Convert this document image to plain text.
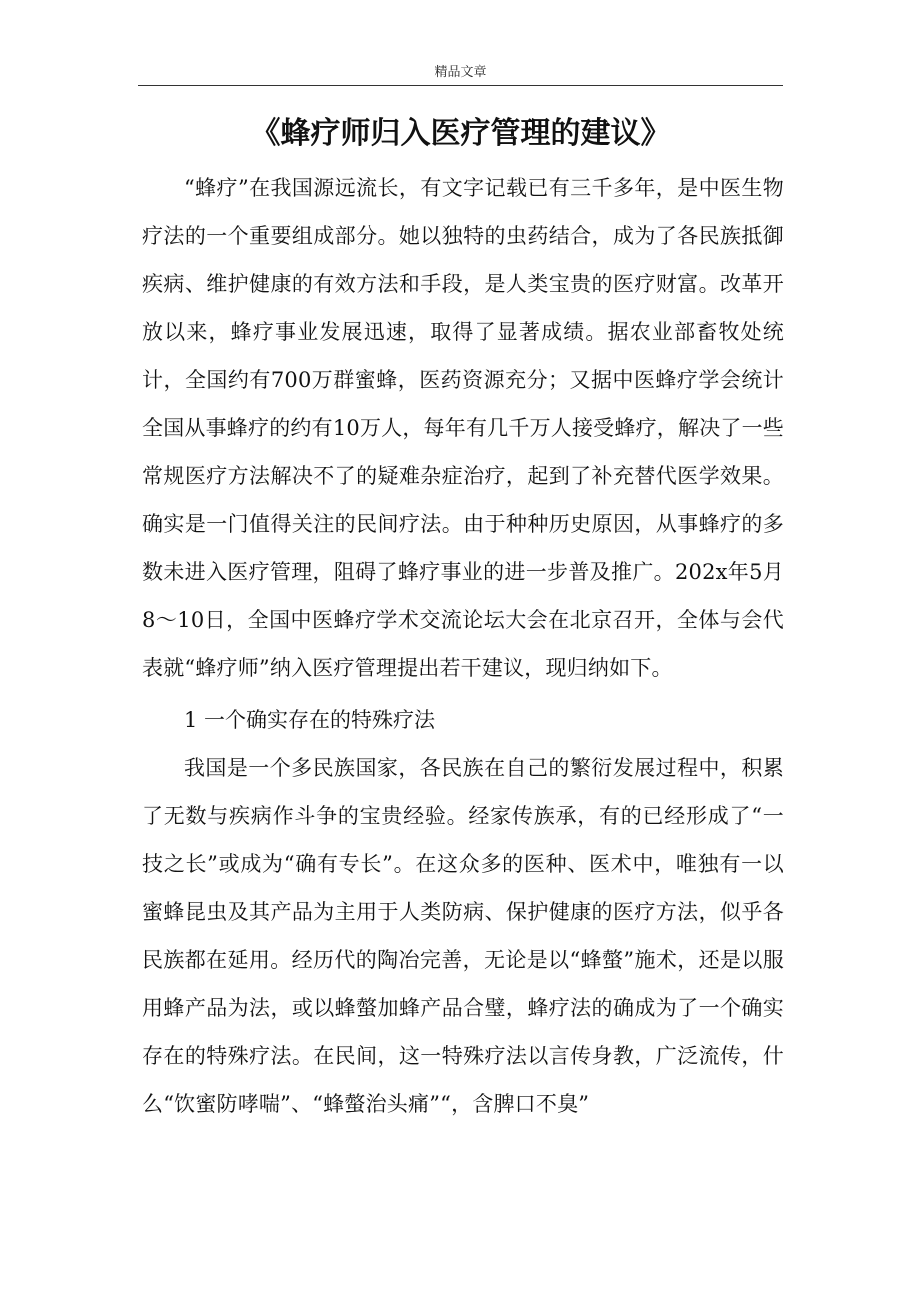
精品文章
《蜂疗师归入医疗管理的建议》

“蜂疗”在我国源远流长，有文字记载已有三千多年，是中医生物疗法的一个重要组成部分。她以独特的虫药结合，成为了各民族抵御疾病、维护健康的有效方法和手段，是人类宝贵的医疗财富。改革开放以来，蜂疗事业发展迅速，取得了显著成绩。据农业部畜牧处统计，全国约有700万群蜜蜂，医药资源充分；又据中医蜂疗学会统计全国从事蜂疗的约有10万人，每年有几千万人接受蜂疗，解决了一些常规医疗方法解决不了的疑难杂症治疗，起到了补充替代医学效果。确实是一门值得关注的民间疗法。由于种种历史原因，从事蜂疗的多数未进入医疗管理，阻碍了蜂疗事业的进一步普及推广。202x年5月8～10日，全国中医蜂疗学术交流论坛大会在北京召开，全体与会代表就“蜂疗师”纳入医疗管理提出若干建议，现归纳如下。

1 一个确实存在的特殊疗法

我国是一个多民族国家，各民族在自己的繁衍发展过程中，积累了无数与疾病作斗争的宝贵经验。经家传族承，有的已经形成了“一技之长”或成为“确有专长”。在这众多的医种、医术中，唯独有一以蜜蜂昆虫及其产品为主用于人类防病、保护健康的医疗方法，似乎各民族都在延用。经历代的陶冶完善，无论是以“蜂螫”施术，还是以服用蜂产品为法，或以蜂螫加蜂产品合璧，蜂疗法的确成为了一个确实存在的特殊疗法。在民间，这一特殊疗法以言传身教，广泛流传，什么“饮蜜防哮喘”、“蜂螫治头痛”“，含脾口不臭”
